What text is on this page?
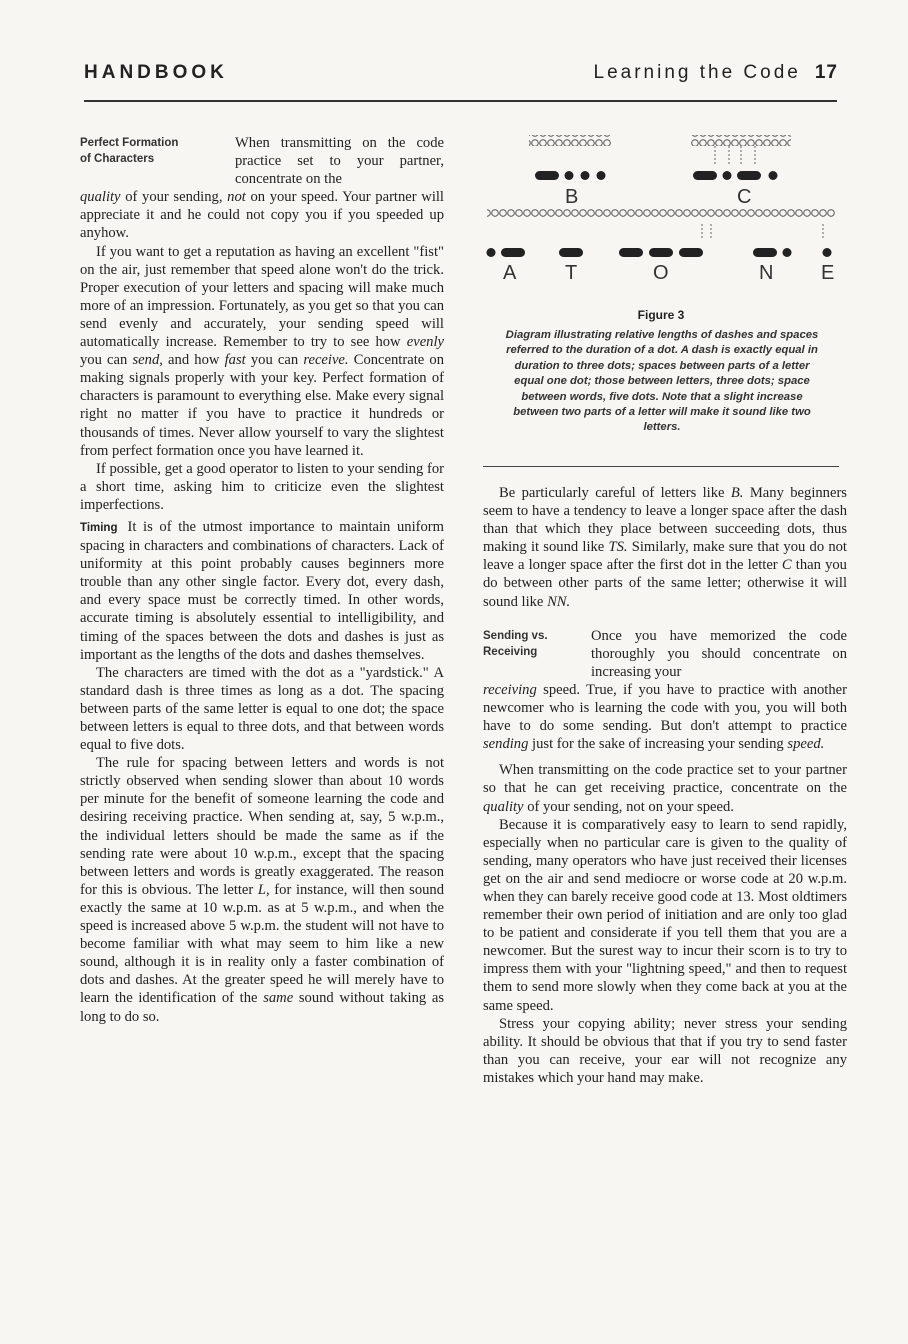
HANDBOOK	Learning the Code 17
Perfect Formation
of Characters

When transmitting on the code practice set to your partner, concentrate on the

quality of your sending, not on your speed. Your partner will appreciate it and he could not copy you if you speeded up anyhow.

If you want to get a reputation as having an excellent "fist" on the air, just remember that speed alone won't do the trick. Proper execution of your letters and spacing will make much more of an impression. Fortunately, as you get so that you can send evenly and accurately, your sending speed will automatically increase. Remember to try to see how evenly you can send, and how fast you can receive. Concentrate on making signals properly with your key. Perfect formation of characters is paramount to everything else. Make every signal right no matter if you have to practice it hundreds or thousands of times. Never allow yourself to vary the slightest from perfect formation once you have learned it.

If possible, get a good operator to listen to your sending for a short time, asking him to criticize even the slightest imperfections.

Timing It is of the utmost importance to maintain uniform spacing in characters and combinations of characters. Lack of uniformity at this point probably causes beginners more trouble than any other single factor. Every dot, every dash, and every space must be correctly timed. In other words, accurate timing is absolutely essential to intelligibility, and timing of the spaces between the dots and dashes is just as important as the lengths of the dots and dashes themselves.

The characters are timed with the dot as a "yardstick." A standard dash is three times as long as a dot. The spacing between parts of the same letter is equal to one dot; the space between letters is equal to three dots, and that between words equal to five dots.

The rule for spacing between letters and words is not strictly observed when sending slower than about 10 words per minute for the benefit of someone learning the code and desiring receiving practice. When sending at, say, 5 w.p.m., the individual letters should be made the same as if the sending rate were about 10 w.p.m., except that the spacing between letters and words is greatly exaggerated. The reason for this is obvious. The letter L, for instance, will then sound exactly the same at 10 w.p.m. as at 5 w.p.m., and when the speed is increased above 5 w.p.m. the student will not have to become familiar with what may seem to him like a new sound, although it is in reality only a faster combination of dots and dashes. At the greater speed he will merely have to learn the identification of the same sound without taking as long to do so.

B	C
A T	O	N E
Figure 3
Diagram illustrating relative lengths of dashes and spaces referred to the duration of a dot. A dash is exactly equal in duration to three dots; spaces between parts of a letter equal one dot; those between letters, three dots; space between words, five dots. Note that a slight increase between two parts of a letter will make it sound like two letters.

Be particularly careful of letters like B. Many beginners seem to have a tendency to leave a longer space after the dash than that which they place between succeeding dots, thus making it sound like TS. Similarly, make sure that you do not leave a longer space after the first dot in the letter C than you do between other parts of the same letter; otherwise it will sound like NN.

Sending vs.
Receiving

Once you have memorized the code thoroughly you should concentrate on increasing your

receiving speed. True, if you have to practice with another newcomer who is learning the code with you, you will both have to do some sending. But don't attempt to practice sending just for the sake of increasing your sending speed.

When transmitting on the code practice set to your partner so that he can get receiving practice, concentrate on the quality of your sending, not on your speed.

Because it is comparatively easy to learn to send rapidly, especially when no particular care is given to the quality of sending, many operators who have just received their licenses get on the air and send mediocre or worse code at 20 w.p.m. when they can barely receive good code at 13. Most oldtimers remember their own period of initiation and are only too glad to be patient and considerate if you tell them that you are a newcomer. But the surest way to incur their scorn is to try to impress them with your "lightning speed," and then to request them to send more slowly when they come back at you at the same speed.

Stress your copying ability; never stress your sending ability. It should be obvious that that if you try to send faster than you can receive, your ear will not recognize any mistakes which your hand may make.
